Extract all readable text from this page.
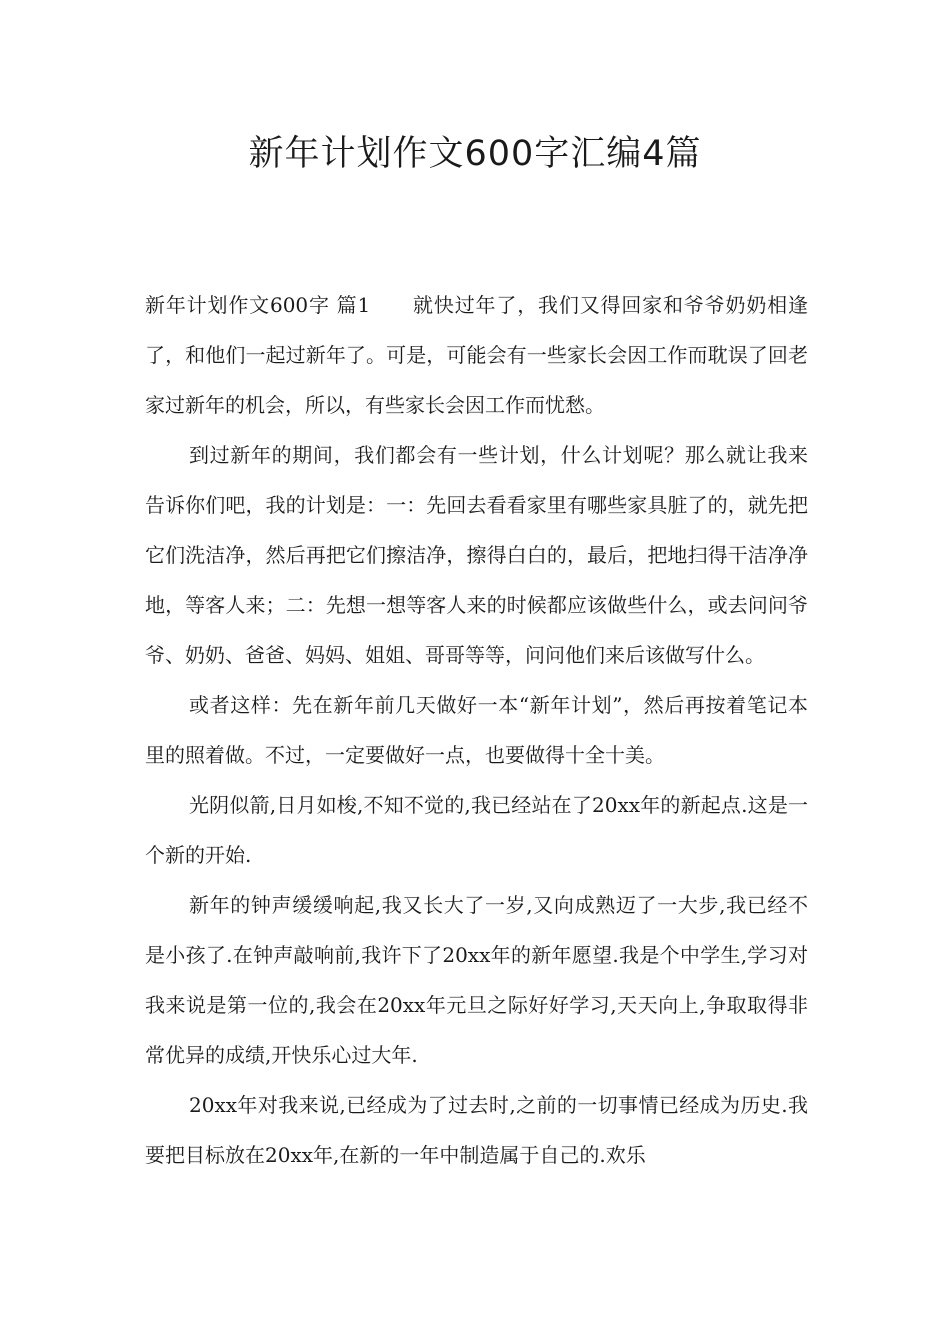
新年计划作文600字汇编4篇

新年计划作文600字 篇1 就快过年了，我们又得回家和爷爷奶奶相逢了，和他们一起过新年了。可是，可能会有一些家长会因工作而耽误了回老家过新年的机会，所以，有些家长会因工作而忧愁。

到过新年的期间，我们都会有一些计划，什么计划呢？那么就让我来告诉你们吧，我的计划是：一：先回去看看家里有哪些家具脏了的，就先把它们洗洁净，然后再把它们擦洁净，擦得白白的，最后，把地扫得干洁净净地，等客人来；二：先想一想等客人来的时候都应该做些什么，或去问问爷爷、奶奶、爸爸、妈妈、姐姐、哥哥等等，问问他们来后该做写什么。

或者这样：先在新年前几天做好一本“新年计划”，然后再按着笔记本里的照着做。不过，一定要做好一点，也要做得十全十美。

光阴似箭,日月如梭,不知不觉的,我已经站在了20xx年的新起点.这是一个新的开始.

新年的钟声缓缓响起,我又长大了一岁,又向成熟迈了一大步,我已经不是小孩了.在钟声敲响前,我许下了20xx年的新年愿望.我是个中学生,学习对我来说是第一位的,我会在20xx年元旦之际好好学习,天天向上,争取取得非常优异的成绩,开快乐心过大年.

20xx年对我来说,已经成为了过去时,之前的一切事情已经成为历史.我要把目标放在20xx年,在新的一年中制造属于自己的.欢乐
